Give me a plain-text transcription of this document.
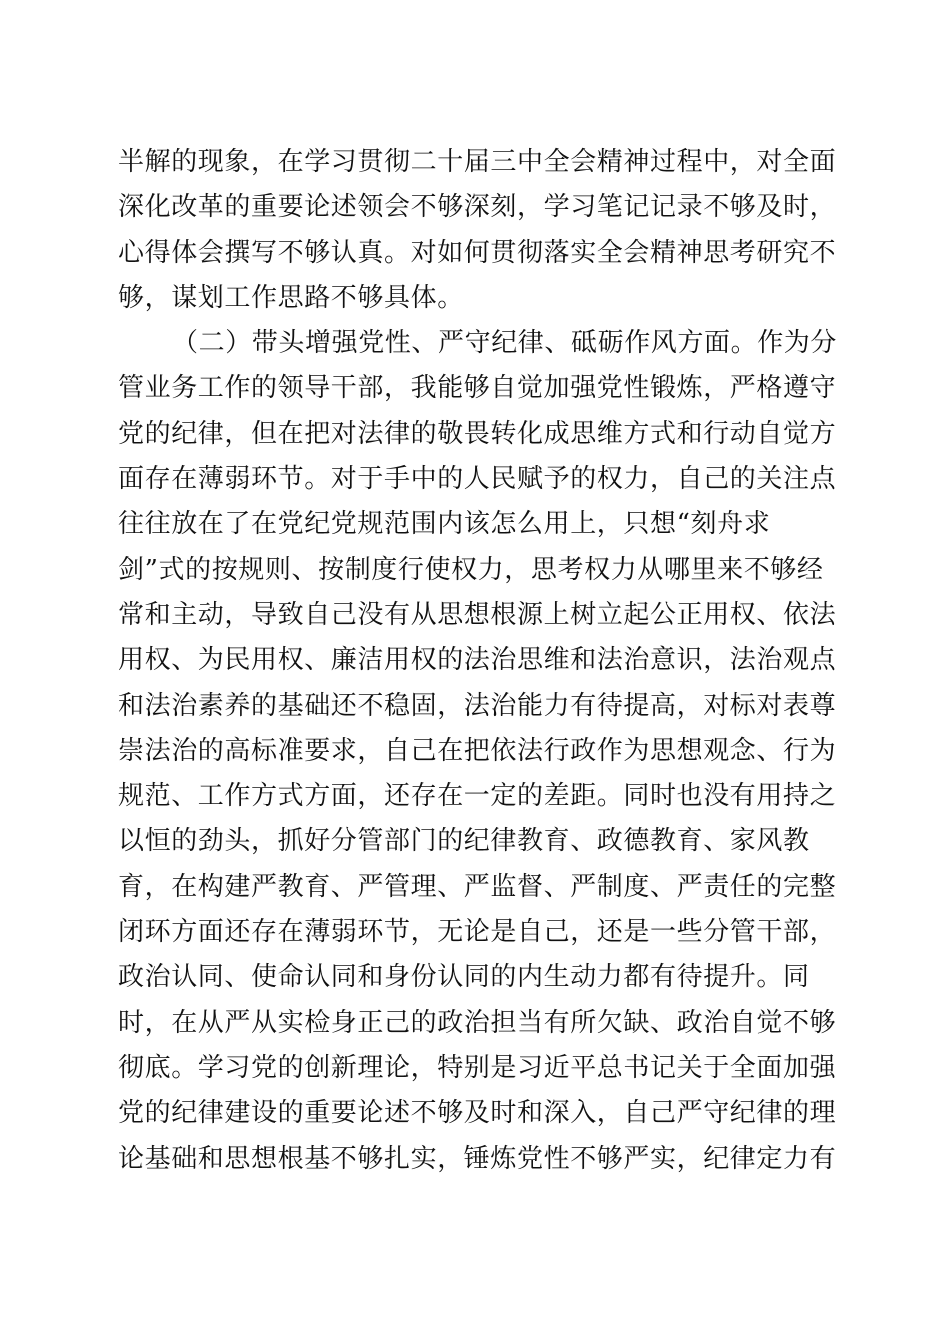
半解的现象，在学习贯彻二十届三中全会精神过程中，对全面
深化改革的重要论述领会不够深刻，学习笔记记录不够及时，
心得体会撰写不够认真。对如何贯彻落实全会精神思考研究不
够，谋划工作思路不够具体。
（二）带头增强党性、严守纪律、砥砺作风方面。作为分
管业务工作的领导干部，我能够自觉加强党性锻炼，严格遵守
党的纪律，但在把对法律的敬畏转化成思维方式和行动自觉方
面存在薄弱环节。对于手中的人民赋予的权力，自己的关注点
往往放在了在党纪党规范围内该怎么用上，只想“刻舟求
剑”式的按规则、按制度行使权力，思考权力从哪里来不够经
常和主动，导致自己没有从思想根源上树立起公正用权、依法
用权、为民用权、廉洁用权的法治思维和法治意识，法治观点
和法治素养的基础还不稳固，法治能力有待提高，对标对表尊
崇法治的高标准要求，自己在把依法行政作为思想观念、行为
规范、工作方式方面，还存在一定的差距。同时也没有用持之
以恒的劲头，抓好分管部门的纪律教育、政德教育、家风教
育，在构建严教育、严管理、严监督、严制度、严责任的完整
闭环方面还存在薄弱环节，无论是自己，还是一些分管干部，
政治认同、使命认同和身份认同的内生动力都有待提升。同
时，在从严从实检身正己的政治担当有所欠缺、政治自觉不够
彻底。学习党的创新理论，特别是习近平总书记关于全面加强
党的纪律建设的重要论述不够及时和深入，自己严守纪律的理
论基础和思想根基不够扎实，锤炼党性不够严实，纪律定力有
